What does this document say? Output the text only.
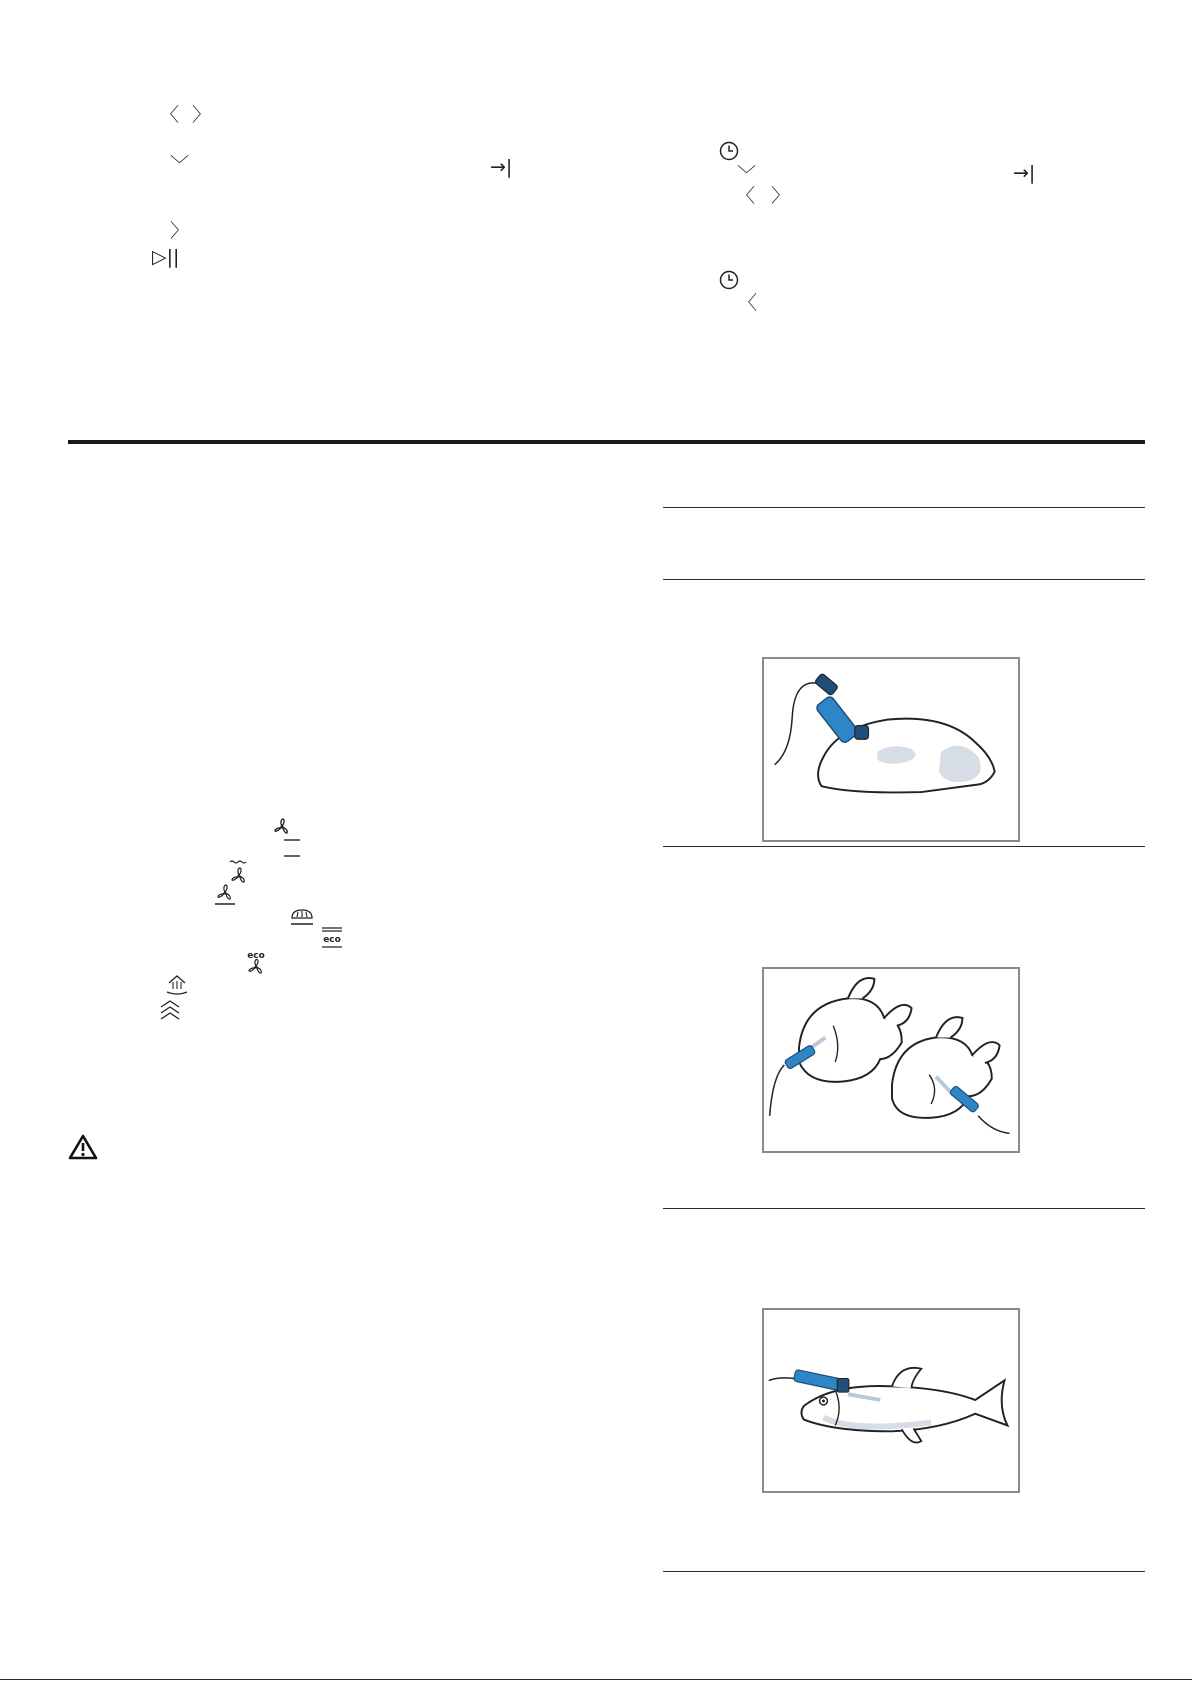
〈 〉
﹀	→|
〉
▷||
﹀	→|
〈 〉
〈
eco
eco
